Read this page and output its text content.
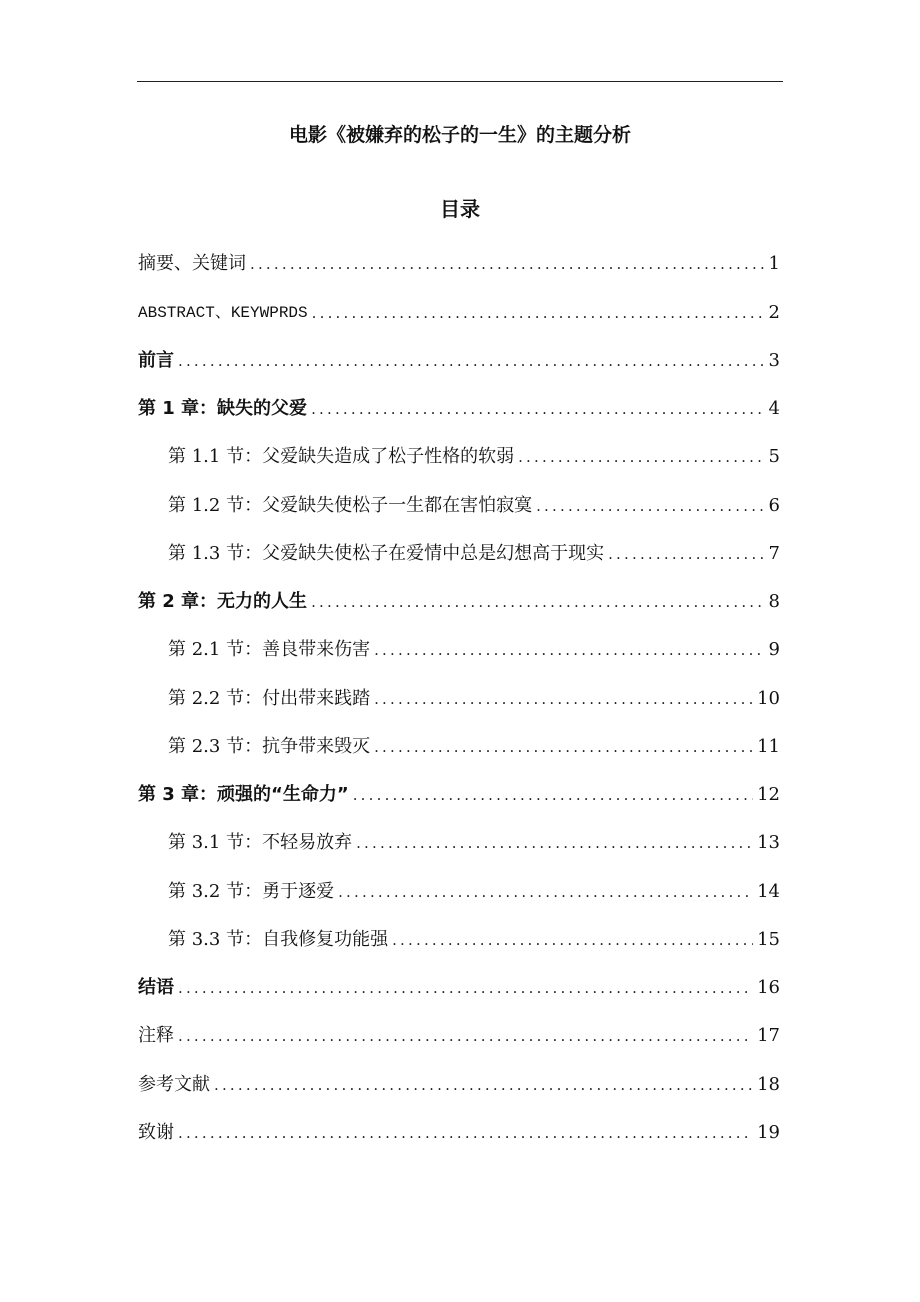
电影《被嫌弃的松子的一生》的主题分析
目录
摘要、关键词 .....	1
ABSTRACT、KEYWPRDS .....	2
前言 .....	3
第 1 章：缺失的父爱 .....	4
第 1.1 节：父爱缺失造成了松子性格的软弱 .....	5
第 1.2 节：父爱缺失使松子一生都在害怕寂寞 .....	6
第 1.3 节：父爱缺失使松子在爱情中总是幻想高于现实 .....	7
第 2 章：无力的人生 .....	8
第 2.1 节：善良带来伤害 .....	9
第 2.2 节：付出带来践踏 .....	10
第 2.3 节：抗争带来毁灭 .....	11
第 3 章：顽强的“生命力” .....	12
第 3.1 节：不轻易放弃 .....	13
第 3.2 节：勇于逐爱 .....	14
第 3.3 节：自我修复功能强 .....	15
结语 .....	16
注释 .....	17
参考文献 .....	18
致谢 .....	19
